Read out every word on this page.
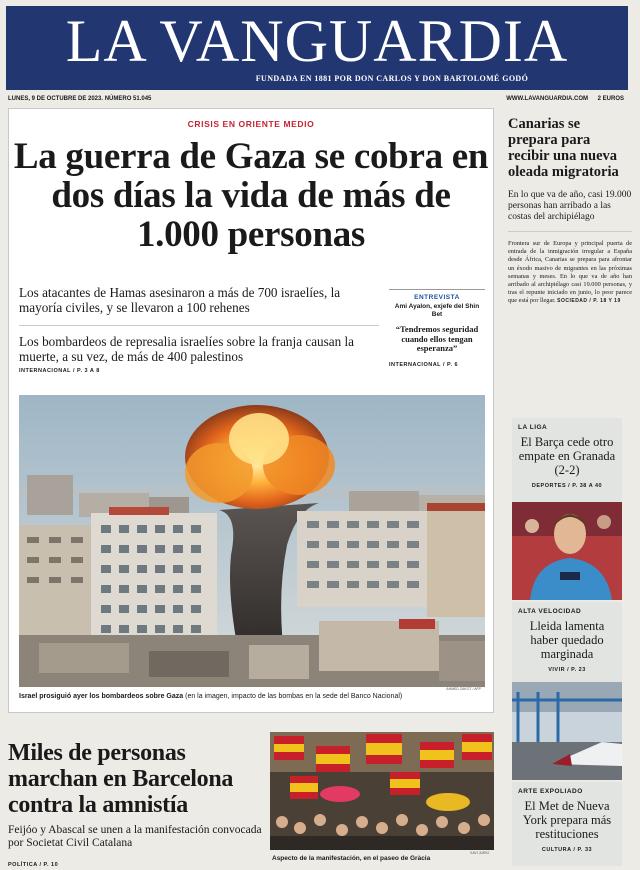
LA VANGUARDIA
FUNDADA EN 1881 POR DON CARLOS Y DON BARTOLOMÉ GODÓ
LUNES, 9 DE OCTUBRE DE 2023. NÚMERO 51.045	WWW.LAVANGUARDIA.COM 2 EUROS
CRISIS EN ORIENTE MEDIO
La guerra de Gaza se cobra en dos días la vida de más de 1.000 personas

Los atacantes de Hamas asesinaron a más de 700 israelíes, la mayoría civiles, y se llevaron a 100 rehenes

Los bombardeos de represalia israelíes sobre la franja causan la muerte, a su vez, de más de 400 palestinos

INTERNACIONAL / P. 3 A 8
ENTREVISTA
Ami Ayalon, exjefe del Shin Bet
“Tendremos seguridad cuando ellos tengan esperanza”
INTERNACIONAL / P. 6
AHMED ZAKOT / AFP
Israel prosiguió ayer los bombardeos sobre Gaza (en la imagen, impacto de las bombas en la sede del Banco Nacional)
Canarias se prepara para recibir una nueva oleada migratoria

En lo que va de año, casi 19.000 personas han arribado a las costas del archipiélago

Frontera sur de Europa y principal puerta de entrada de la inmigración irregular a España desde África, Canarias se prepara para afrontar un éxodo masivo de migrantes en las próximas semanas y meses. En lo que va de año han arribado al archipiélago casi 19.000 personas, y tras el repunte iniciado en junio, lo peor parece que está por llegar. SOCIEDAD / P. 18 Y 19

LA LIGA
El Barça cede otro empate en Granada (2-2)
DEPORTES / P. 38 A 40
ALTA VELOCIDAD
Lleida lamenta haber quedado marginada
VIVIR / P. 23
ARTE EXPOLIADO
El Met de Nueva York prepara más restituciones
CULTURA / P. 33
Miles de personas marchan en Barcelona contra la amnistía

Feijóo y Abascal se unen a la manifestación convocada por Societat Civil Catalana

POLÍTICA / P. 10
Aspecto de la manifestación, en el paseo de Gràcia
XAVI JURIO
